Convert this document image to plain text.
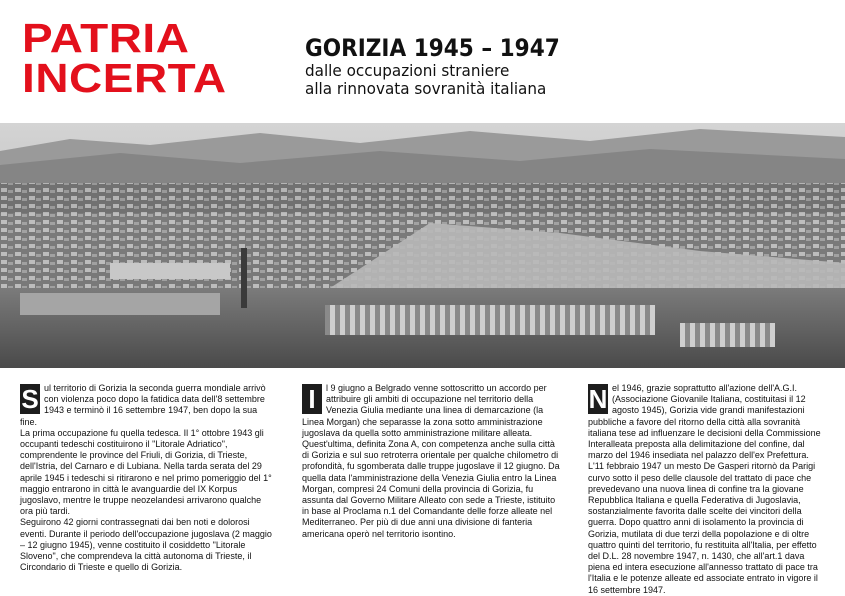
PATRIA
INCERTA
GORIZIA 1945 – 1947
dalle occupazioni straniere
alla rinnovata sovranità italiana
S ul territorio di Gorizia la seconda guerra mondiale arrivò con violenza poco dopo la fatidica data dell'8 settembre 1943 e terminò il 16 settembre 1947, ben dopo la sua fine.

La prima occupazione fu quella tedesca. Il 1° ottobre 1943 gli occupanti tedeschi costituirono il "Litorale Adriatico", comprendente le province del Friuli, di Gorizia, di Trieste, dell'Istria, del Carnaro e di Lubiana. Nella tarda serata del 29 aprile 1945 i tedeschi si ritirarono e nel primo pomeriggio del 1° maggio entrarono in città le avanguardie del IX Korpus jugoslavo, mentre le truppe neozelandesi arrivarono qualche ora più tardi.

Seguirono 42 giorni contrassegnati dai ben noti e dolorosi eventi. Durante il periodo dell'occupazione jugoslava (2 maggio – 12 giugno 1945), venne costituito il cosiddetto "Litorale Sloveno", che comprendeva la città autonoma di Trieste, il Circondario di Trieste e quello di Gorizia.

I	l 9 giugno a Belgrado venne sottoscritto un accordo per attribuire gli ambiti di occupazione nel territorio della Venezia Giulia mediante una linea di demarcazione (la Linea Morgan) che separasse la zona sotto amministrazione jugoslava da quella sotto amministrazione militare alleata. Quest'ultima, definita Zona A, con competenza anche sulla città di Gorizia e sul suo retroterra orientale per qualche chilometro di profondità, fu sgomberata dalle truppe jugoslave il 12 giugno. Da quella data l'amministrazione della Venezia Giulia entro la Linea Morgan, compresi 24 Comuni della provincia di Gorizia, fu assunta dal Governo Militare Alleato con sede a Trieste, istituito in base al Proclama n.1 del Comandante delle forze alleate nel Mediterraneo. Per più di due anni una divisione di fanteria americana operò nel territorio isontino.

N el 1946, grazie soprattutto all'azione dell'A.G.I. (Associazione Giovanile Italiana, costituitasi il 12 agosto 1945), Gorizia vide grandi manifestazioni pubbliche a favore del ritorno della città alla sovranità italiana tese ad influenzare le decisioni della Commissione Interalleata preposta alla delimitazione del confine, dal marzo del 1946 insediata nel palazzo dell'ex Prefettura.

L'11 febbraio 1947 un mesto De Gasperi ritornò da Parigi curvo sotto il peso delle clausole del trattato di pace che prevedevano una nuova linea di confine tra la giovane Repubblica Italiana e quella Federativa di Jugoslavia, sostanzialmente favorita dalle scelte dei vincitori della guerra. Dopo quattro anni di isolamento la provincia di Gorizia, mutilata di due terzi della popolazione e di oltre quattro quinti del territorio, fu restituita all'Italia, per effetto del D.L. 28 novembre 1947, n. 1430, che all'art.1 dava piena ed intera esecuzione all'annesso trattato di pace tra l'Italia e le potenze alleate ed associate entrato in vigore il 16 settembre 1947.
